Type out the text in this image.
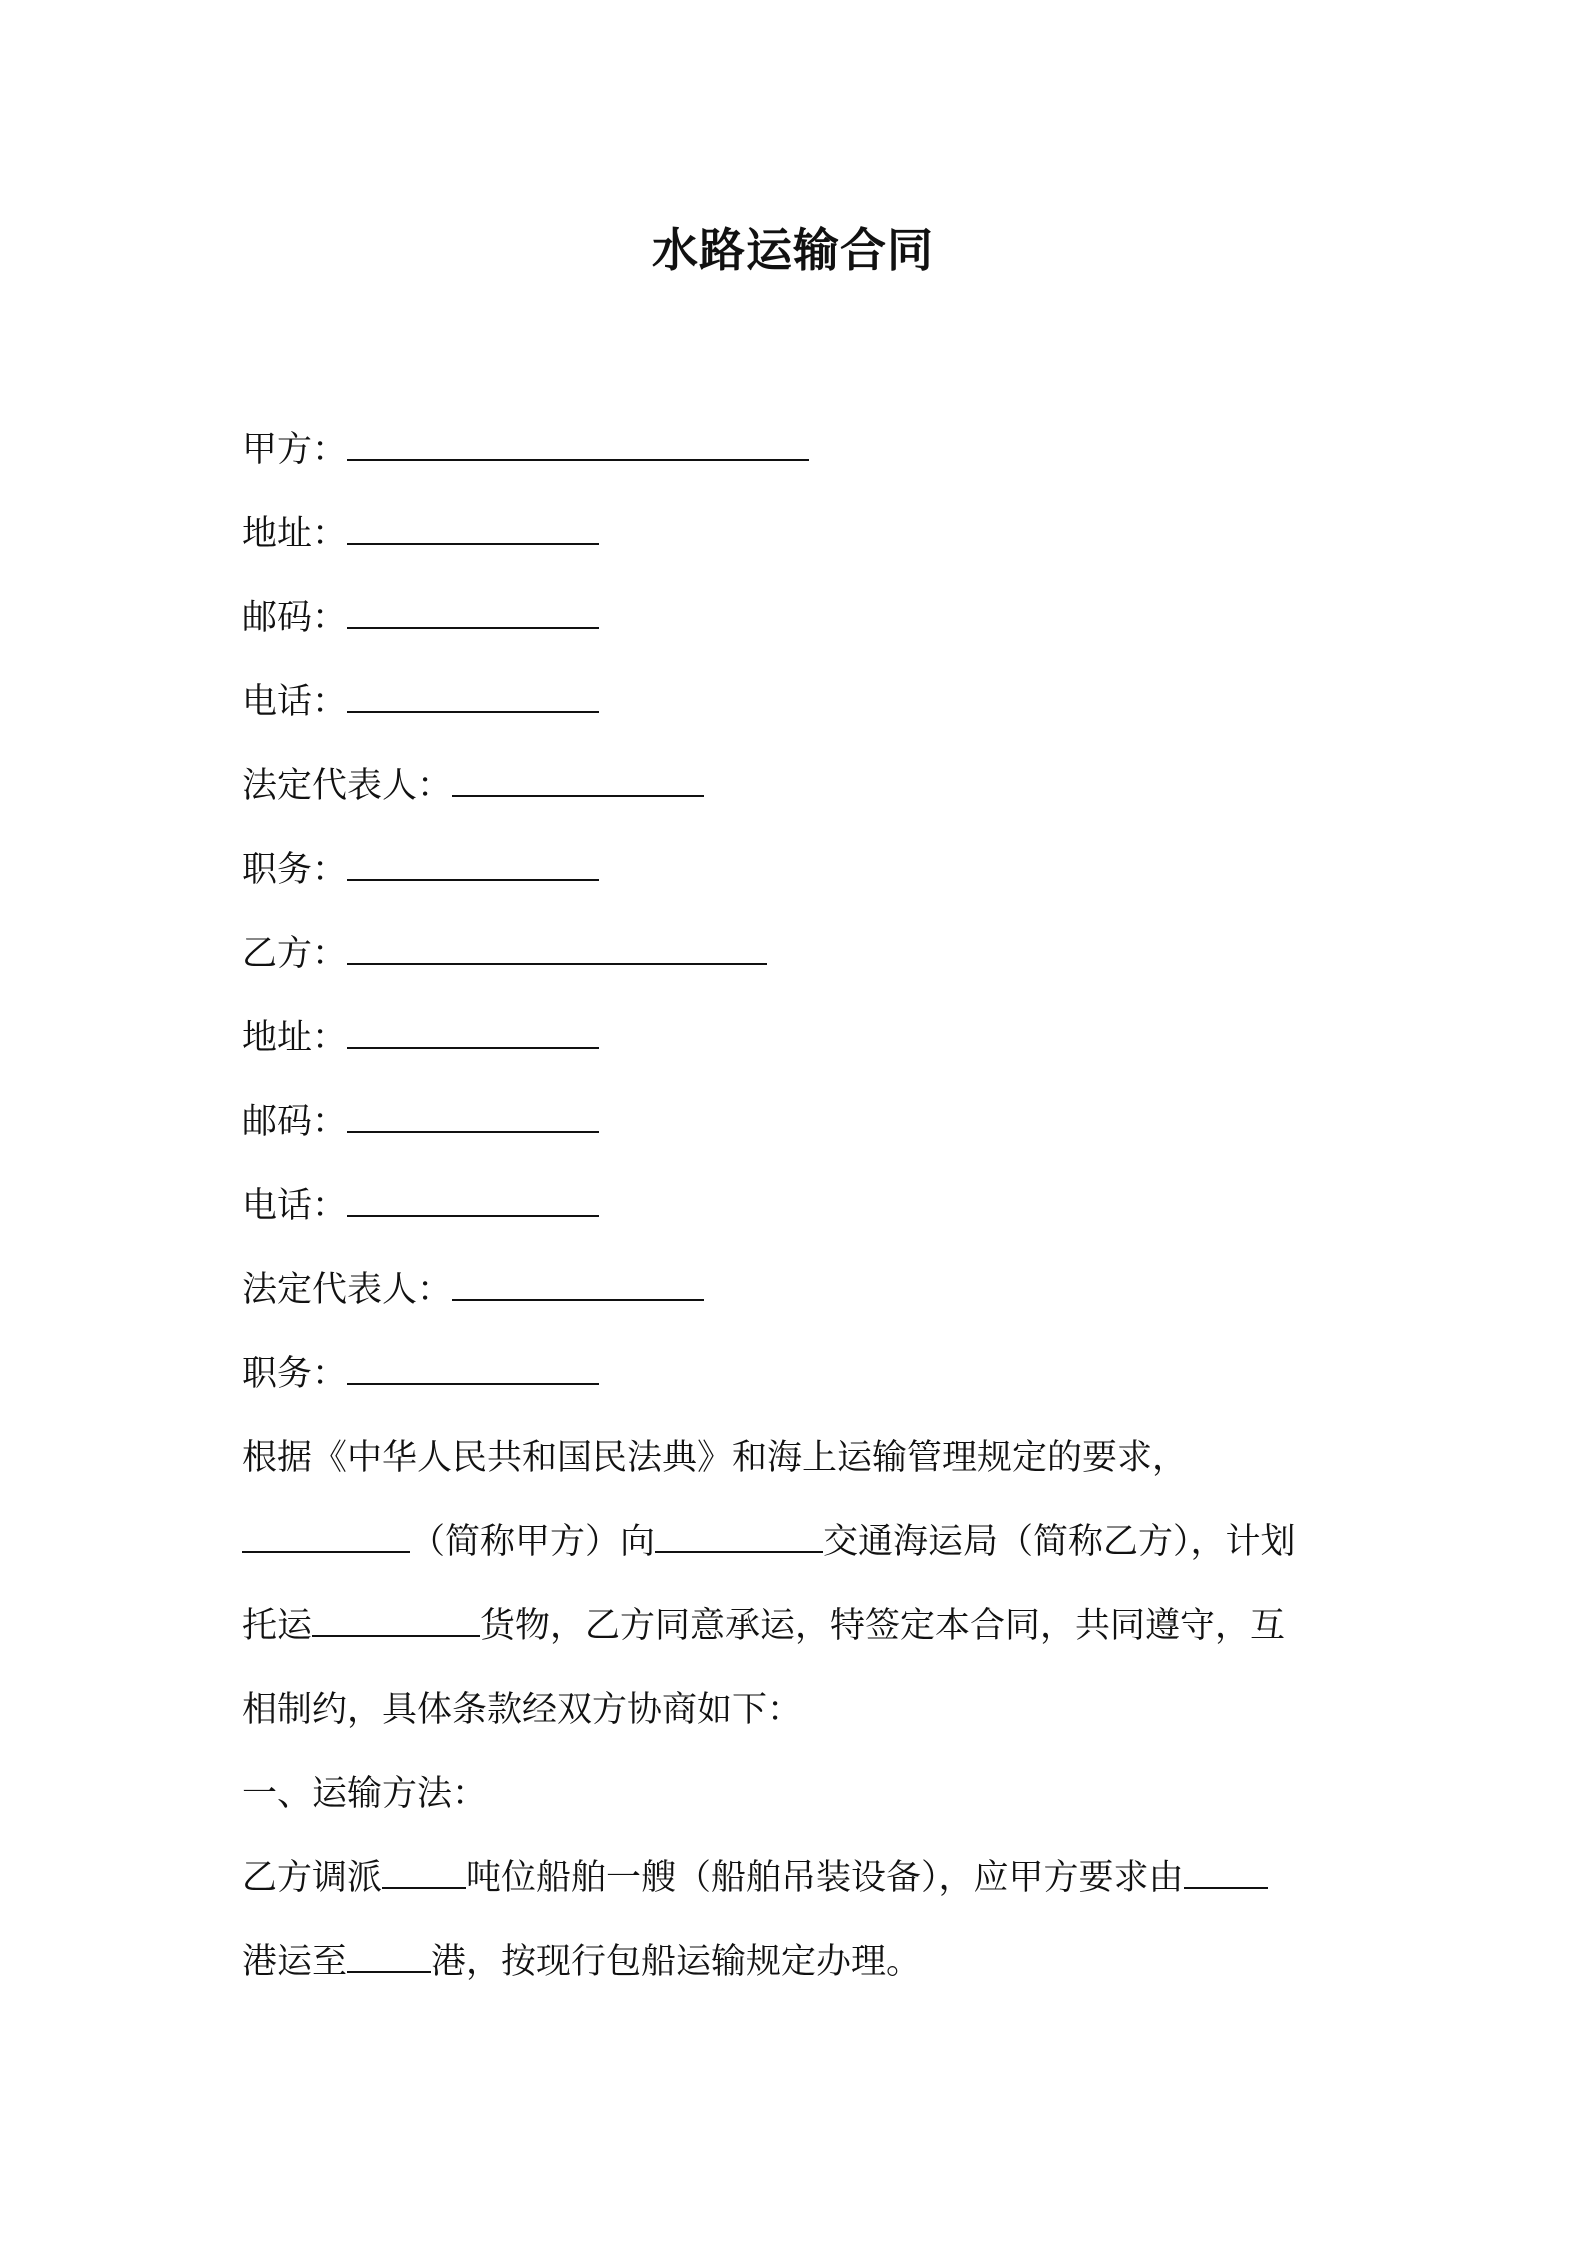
水路运输合同
甲方：
地址：
邮码：
电话：
法定代表人：
职务：
乙方：
地址：
邮码：
电话：
法定代表人：
职务：
根据《中华人民共和国民法典》和海上运输管理规定的要求，
（简称甲方）向	交通海运局（简称乙方），计划
托运	货物，乙方同意承运，特签定本合同，共同遵守，互
相制约，具体条款经双方协商如下：
一、运输方法：
乙方调派 吨位船舶一艘（船舶吊装设备），应甲方要求由
港运至 港，按现行包船运输规定办理。
